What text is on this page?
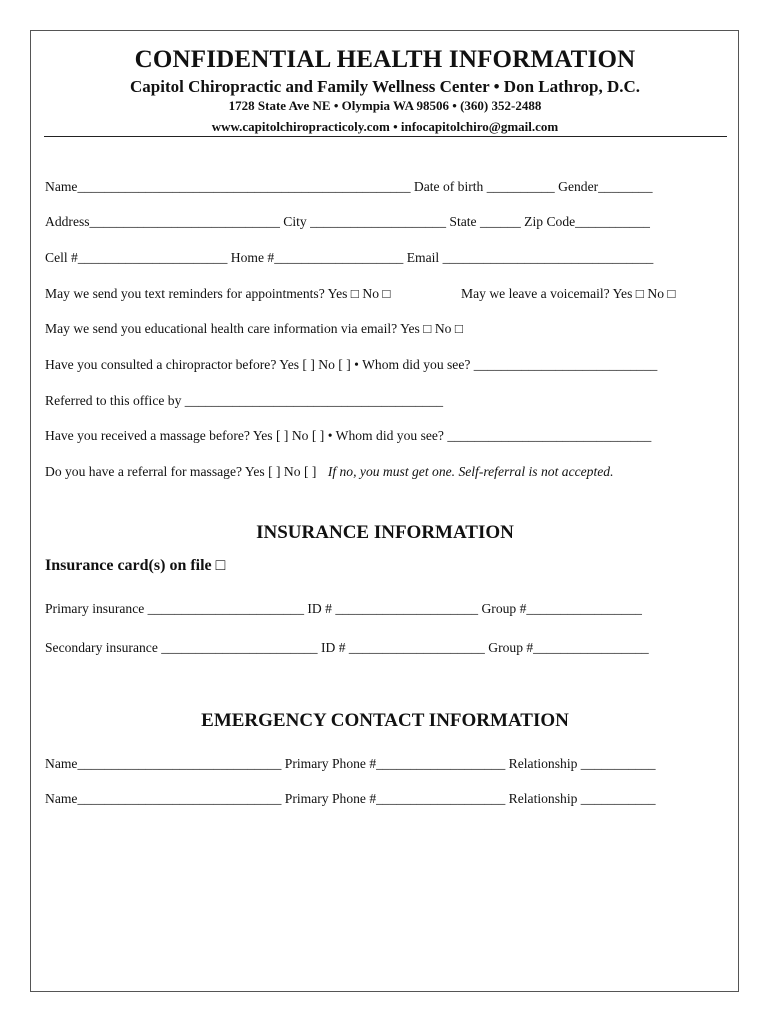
CONFIDENTIAL HEALTH INFORMATION
Capitol Chiropractic and Family Wellness Center • Don Lathrop, D.C.
1728 State Ave NE • Olympia WA 98506 • (360) 352-2488
www.capitolchiropracticoly.com • infocapitolchiro@gmail.com
Name_________________________________________________ Date of birth __________ Gender________
Address____________________________ City ____________________ State ______ Zip Code___________
Cell #______________________ Home #___________________ Email _______________________________
May we send you text reminders for appointments? Yes □ No □	May we leave a voicemail? Yes □ No □
May we send you educational health care information via email? Yes □ No □
Have you consulted a chiropractor before? Yes [ ] No [ ] • Whom did you see? ___________________________
Referred to this office by ______________________________________
Have you received a massage before? Yes [ ] No [ ] • Whom did you see? ______________________________
Do you have a referral for massage? Yes [ ] No [ ] If no, you must get one. Self-referral is not accepted.
INSURANCE INFORMATION
Insurance card(s) on file □
Primary insurance _______________________ ID # _____________________ Group #_________________
Secondary insurance _______________________ ID # ____________________ Group #_________________
EMERGENCY CONTACT INFORMATION
Name______________________________ Primary Phone #___________________ Relationship ___________
Name______________________________ Primary Phone #___________________ Relationship ___________
